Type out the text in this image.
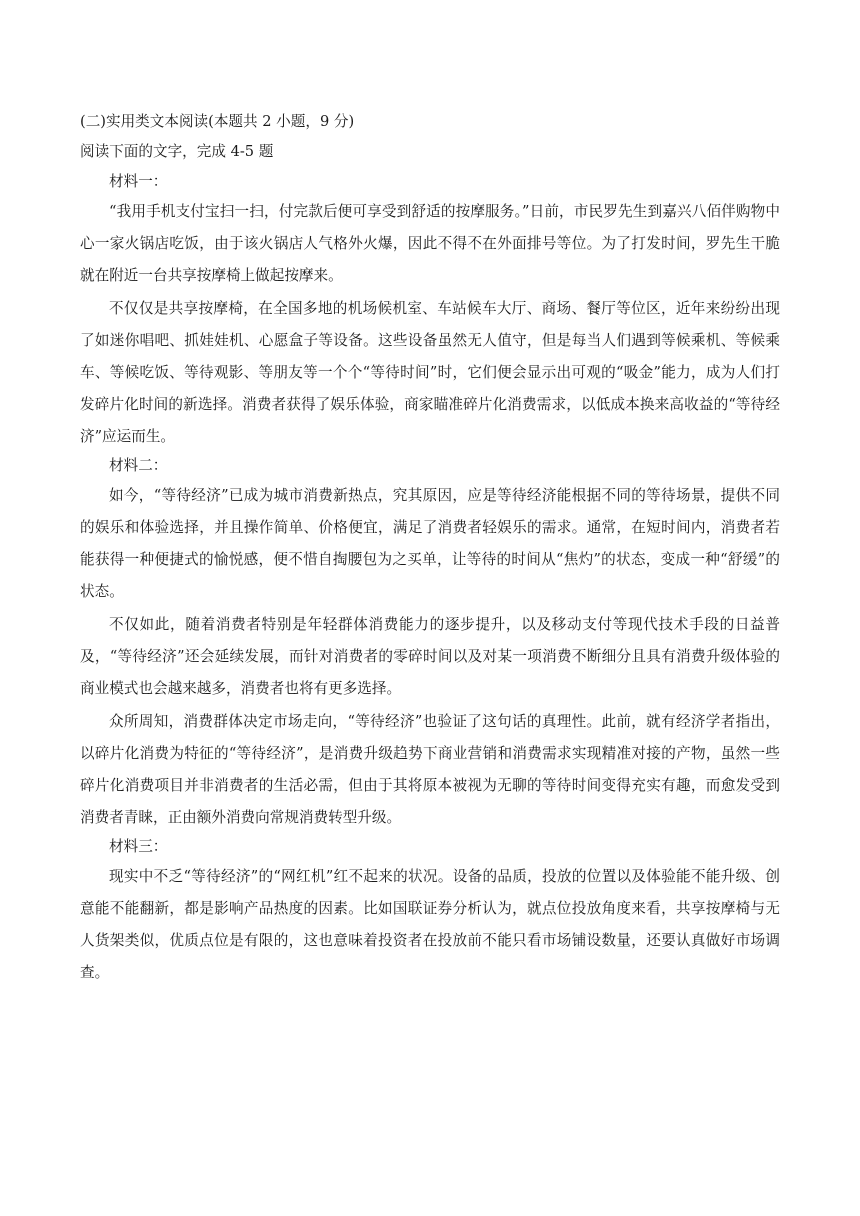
(二)实用类文本阅读(本题共 2 小题，9 分)

阅读下面的文字，完成 4-5 题

材料一：

“我用手机支付宝扫一扫，付完款后便可享受到舒适的按摩服务。”日前，市民罗先生到嘉兴八佰伴购物中心一家火锅店吃饭，由于该火锅店人气格外火爆，因此不得不在外面排号等位。为了打发时间，罗先生干脆就在附近一台共享按摩椅上做起按摩来。

不仅仅是共享按摩椅，在全国多地的机场候机室、车站候车大厅、商场、餐厅等位区，近年来纷纷出现了如迷你唱吧、抓娃娃机、心愿盒子等设备。这些设备虽然无人值守，但是每当人们遇到等候乘机、等候乘车、等候吃饭、等待观影、等朋友等一个个“等待时间”时，它们便会显示出可观的“吸金”能力，成为人们打发碎片化时间的新选择。消费者获得了娱乐体验，商家瞄准碎片化消费需求，以低成本换来高收益的“等待经济”应运而生。

材料二：

如今，“等待经济”已成为城市消费新热点，究其原因，应是等待经济能根据不同的等待场景，提供不同的娱乐和体验选择，并且操作简单、价格便宜，满足了消费者轻娱乐的需求。通常，在短时间内，消费者若能获得一种便捷式的愉悦感，便不惜自掏腰包为之买单，让等待的时间从“焦灼”的状态，变成一种“舒缓”的状态。

不仅如此，随着消费者特别是年轻群体消费能力的逐步提升，以及移动支付等现代技术手段的日益普及，“等待经济”还会延续发展，而针对消费者的零碎时间以及对某一项消费不断细分且具有消费升级体验的商业模式也会越来越多，消费者也将有更多选择。

众所周知，消费群体决定市场走向，“等待经济”也验证了这句话的真理性。此前，就有经济学者指出，以碎片化消费为特征的“等待经济”，是消费升级趋势下商业营销和消费需求实现精准对接的产物，虽然一些碎片化消费项目并非消费者的生活必需，但由于其将原本被视为无聊的等待时间变得充实有趣，而愈发受到消费者青睐，正由额外消费向常规消费转型升级。

材料三：

现实中不乏“等待经济”的“网红机”红不起来的状况。设备的品质，投放的位置以及体验能不能升级、创意能不能翻新，都是影响产品热度的因素。比如国联证券分析认为，就点位投放角度来看，共享按摩椅与无人货架类似，优质点位是有限的，这也意味着投资者在投放前不能只看市场铺设数量，还要认真做好市场调查。
